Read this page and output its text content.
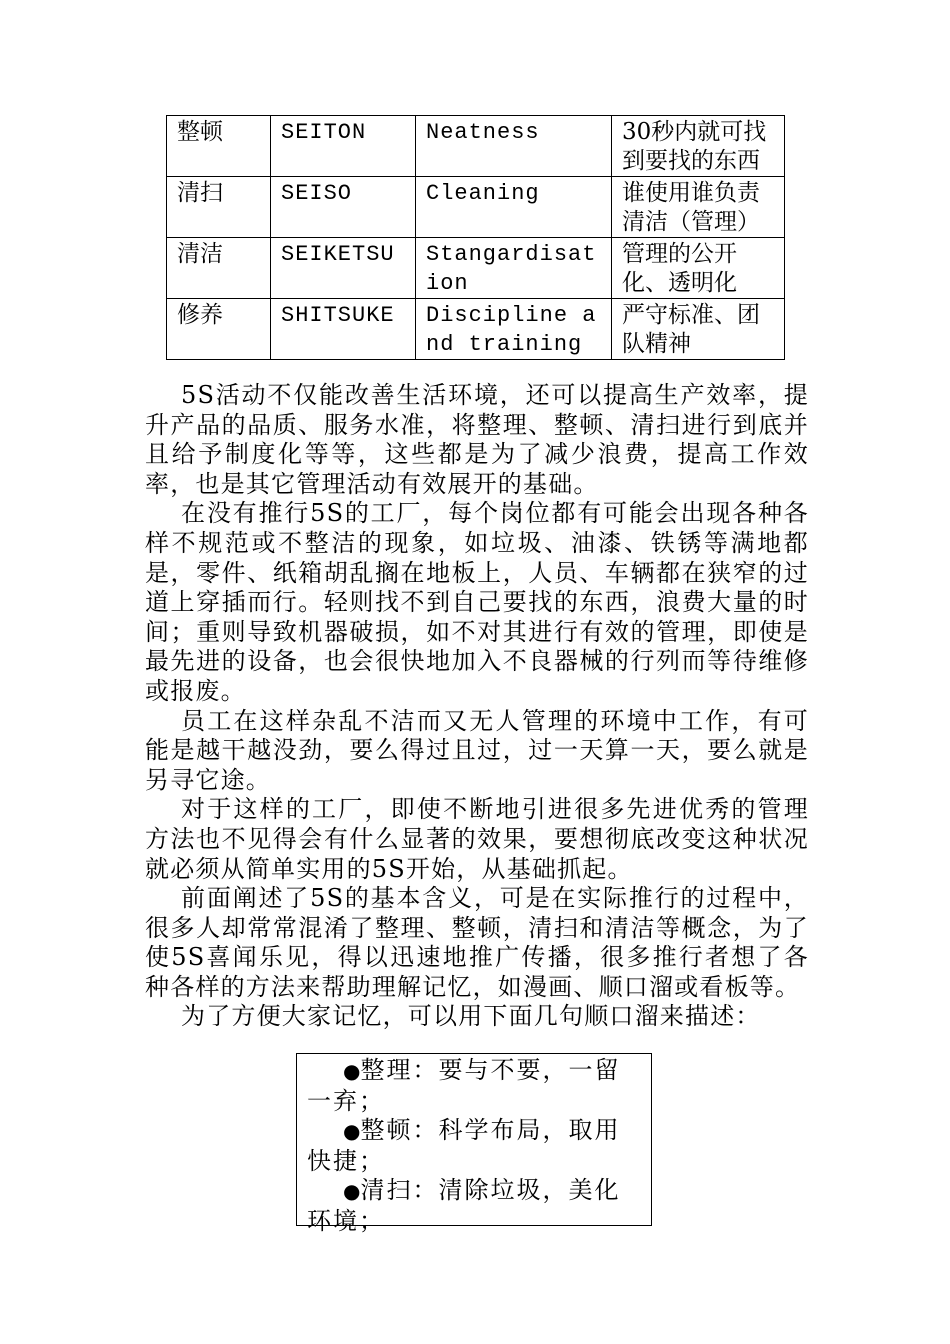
整顿	SEITON	Neatness	30秒内就可找到要找的东西
清扫	SEISO	Cleaning	谁使用谁负责清洁（管理）
清洁	SEIKETSU	Stangardisation	管理的公开化、透明化
修养	SHITSUKE	Discipline and training	严守标准、团队精神

5S活动不仅能改善生活环境，还可以提高生产效率，提升产品的品质、服务水准，将整理、整顿、清扫进行到底并且给予制度化等等，这些都是为了减少浪费，提高工作效率，也是其它管理活动有效展开的基础。

在没有推行5S的工厂，每个岗位都有可能会出现各种各样不规范或不整洁的现象，如垃圾、油漆、铁锈等满地都是，零件、纸箱胡乱搁在地板上，人员、车辆都在狭窄的过道上穿插而行。轻则找不到自己要找的东西，浪费大量的时间；重则导致机器破损，如不对其进行有效的管理，即使是最先进的设备，也会很快地加入不良器械的行列而等待维修或报废。

员工在这样杂乱不洁而又无人管理的环境中工作，有可能是越干越没劲，要么得过且过，过一天算一天，要么就是另寻它途。

对于这样的工厂，即使不断地引进很多先进优秀的管理方法也不见得会有什么显著的效果，要想彻底改变这种状况就必须从简单实用的5S开始，从基础抓起。

前面阐述了5S的基本含义，可是在实际推行的过程中，很多人却常常混淆了整理、整顿，清扫和清洁等概念，为了使5S喜闻乐见，得以迅速地推广传播，很多推行者想了各种各样的方法来帮助理解记忆，如漫画、顺口溜或看板等。

为了方便大家记忆，可以用下面几句顺口溜来描述：

●整理：要与不要，一留一弃；

●整顿：科学布局，取用快捷；

●清扫：清除垃圾，美化环境；
